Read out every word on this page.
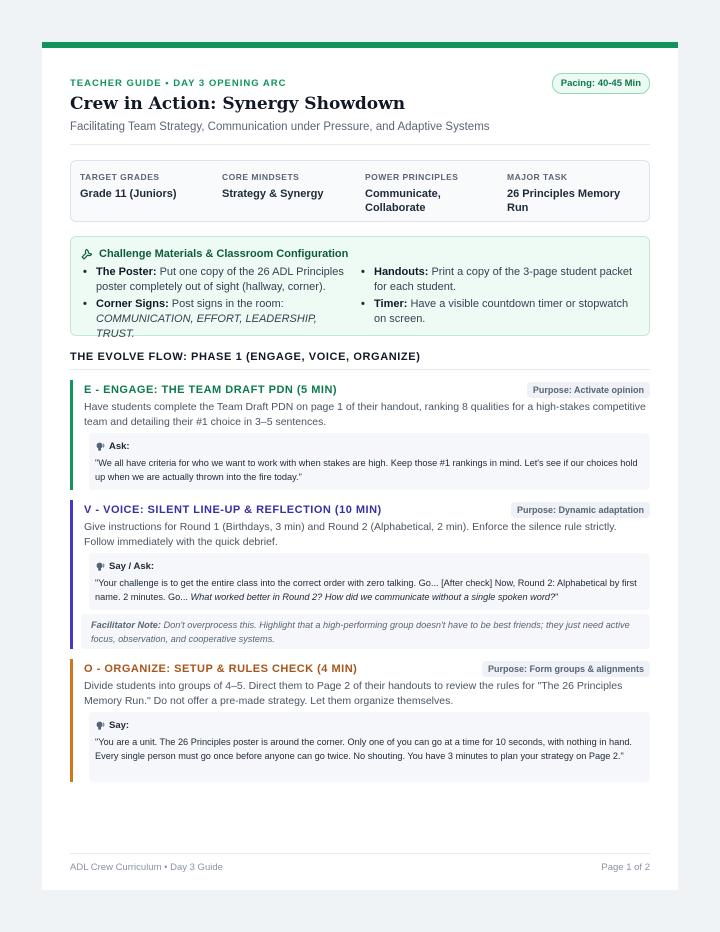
TEACHER GUIDE • DAY 3 OPENING ARC	Pacing: 40-45 Min
Crew in Action: Synergy Showdown
Facilitating Team Strategy, Communication under Pressure, and Adaptive Systems
TARGET GRADES
Grade 11 (Juniors)
CORE MINDSETS
Strategy & Synergy
POWER PRINCIPLES
Communicate, Collaborate
MAJOR TASK
26 Principles Memory Run
Challenge Materials & Classroom Configuration
• The Poster: Put one copy of the 26 ADL Principles poster completely out of sight (hallway, corner).
• Corner Signs: Post signs in the room: COMMUNICATION, EFFORT, LEADERSHIP, TRUST.
• Handouts: Print a copy of the 3-page student packet for each student.
• Timer: Have a visible countdown timer or stopwatch on screen.
THE EVOLVE FLOW: PHASE 1 (ENGAGE, VOICE, ORGANIZE)
E - ENGAGE: THE TEAM DRAFT PDN (5 MIN)	Purpose: Activate opinion
Have students complete the Team Draft PDN on page 1 of their handout, ranking 8 qualities for a high-stakes competitive team and detailing their #1 choice in 3–5 sentences.
Ask:
"We all have criteria for who we want to work with when stakes are high. Keep those #1 rankings in mind. Let's see if our choices hold up when we are actually thrown into the fire today."
V - VOICE: SILENT LINE-UP & REFLECTION (10 MIN)	Purpose: Dynamic adaptation
Give instructions for Round 1 (Birthdays, 3 min) and Round 2 (Alphabetical, 2 min). Enforce the silence rule strictly. Follow immediately with the quick debrief.
Say / Ask:
"Your challenge is to get the entire class into the correct order with zero talking. Go... [After check] Now, Round 2: Alphabetical by first name. 2 minutes. Go... What worked better in Round 2? How did we communicate without a single spoken word?"
Facilitator Note: Don't overprocess this. Highlight that a high-performing group doesn't have to be best friends; they just need active focus, observation, and cooperative systems.
O - ORGANIZE: SETUP & RULES CHECK (4 MIN)	Purpose: Form groups & alignments
Divide students into groups of 4–5. Direct them to Page 2 of their handouts to review the rules for "The 26 Principles Memory Run." Do not offer a pre-made strategy. Let them organize themselves.
Say:
"You are a unit. The 26 Principles poster is around the corner. Only one of you can go at a time for 10 seconds, with nothing in hand. Every single person must go once before anyone can go twice. No shouting. You have 3 minutes to plan your strategy on Page 2."
ADL Crew Curriculum • Day 3 Guide	Page 1 of 2
